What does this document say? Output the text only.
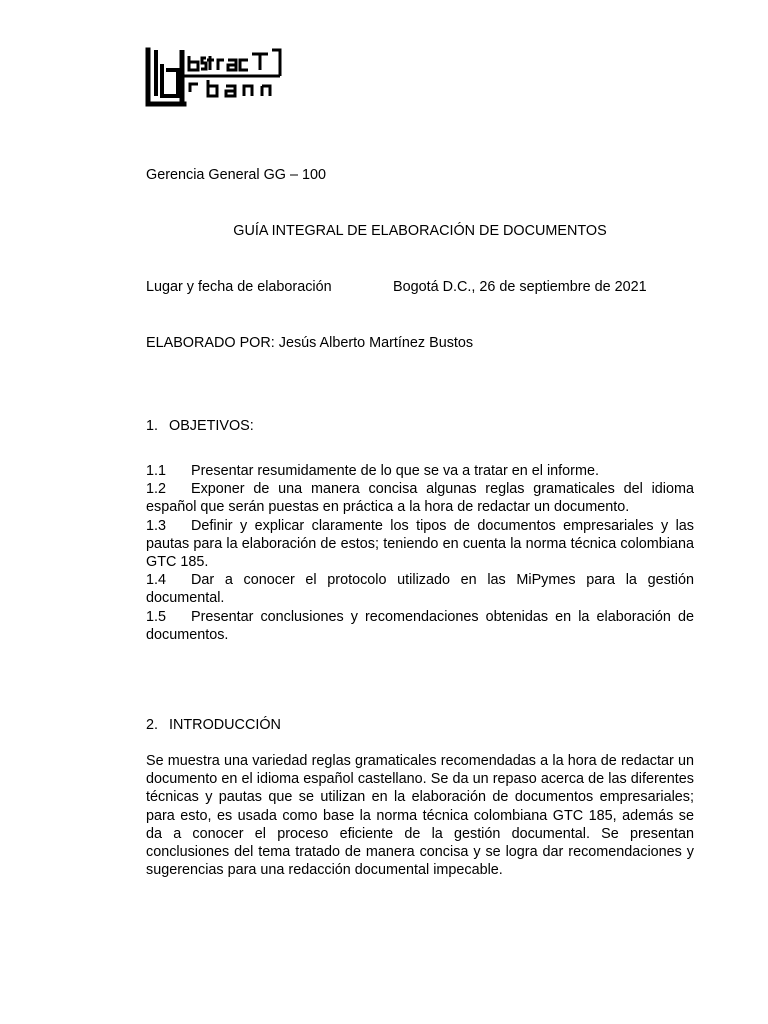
Gerencia General GG – 100
GUÍA INTEGRAL DE ELABORACIÓN DE DOCUMENTOS
Lugar y fecha de elaboración	Bogotá D.C., 26 de septiembre de 2021
ELABORADO POR: Jesús Alberto Martínez Bustos
1. OBJETIVOS:

1.1 Presentar resumidamente de lo que se va a tratar en el informe.

1.2 Exponer de una manera concisa algunas reglas gramaticales del idioma español que serán puestas en práctica a la hora de redactar un documento.

1.3 Definir y explicar claramente los tipos de documentos empresariales y las pautas para la elaboración de estos; teniendo en cuenta la norma técnica colombiana GTC 185.

1.4 Dar a conocer el protocolo utilizado en las MiPymes para la gestión documental.

1.5 Presentar conclusiones y recomendaciones obtenidas en la elaboración de documentos.

2. INTRODUCCIÓN

Se muestra una variedad reglas gramaticales recomendadas a la hora de redactar un documento en el idioma español castellano. Se da un repaso acerca de las diferentes técnicas y pautas que se utilizan en la elaboración de documentos empresariales; para esto, es usada como base la norma técnica colombiana GTC 185, además se da a conocer el proceso eficiente de la gestión documental. Se presentan conclusiones del tema tratado de manera concisa y se logra dar recomendaciones y sugerencias para una redacción documental impecable.
